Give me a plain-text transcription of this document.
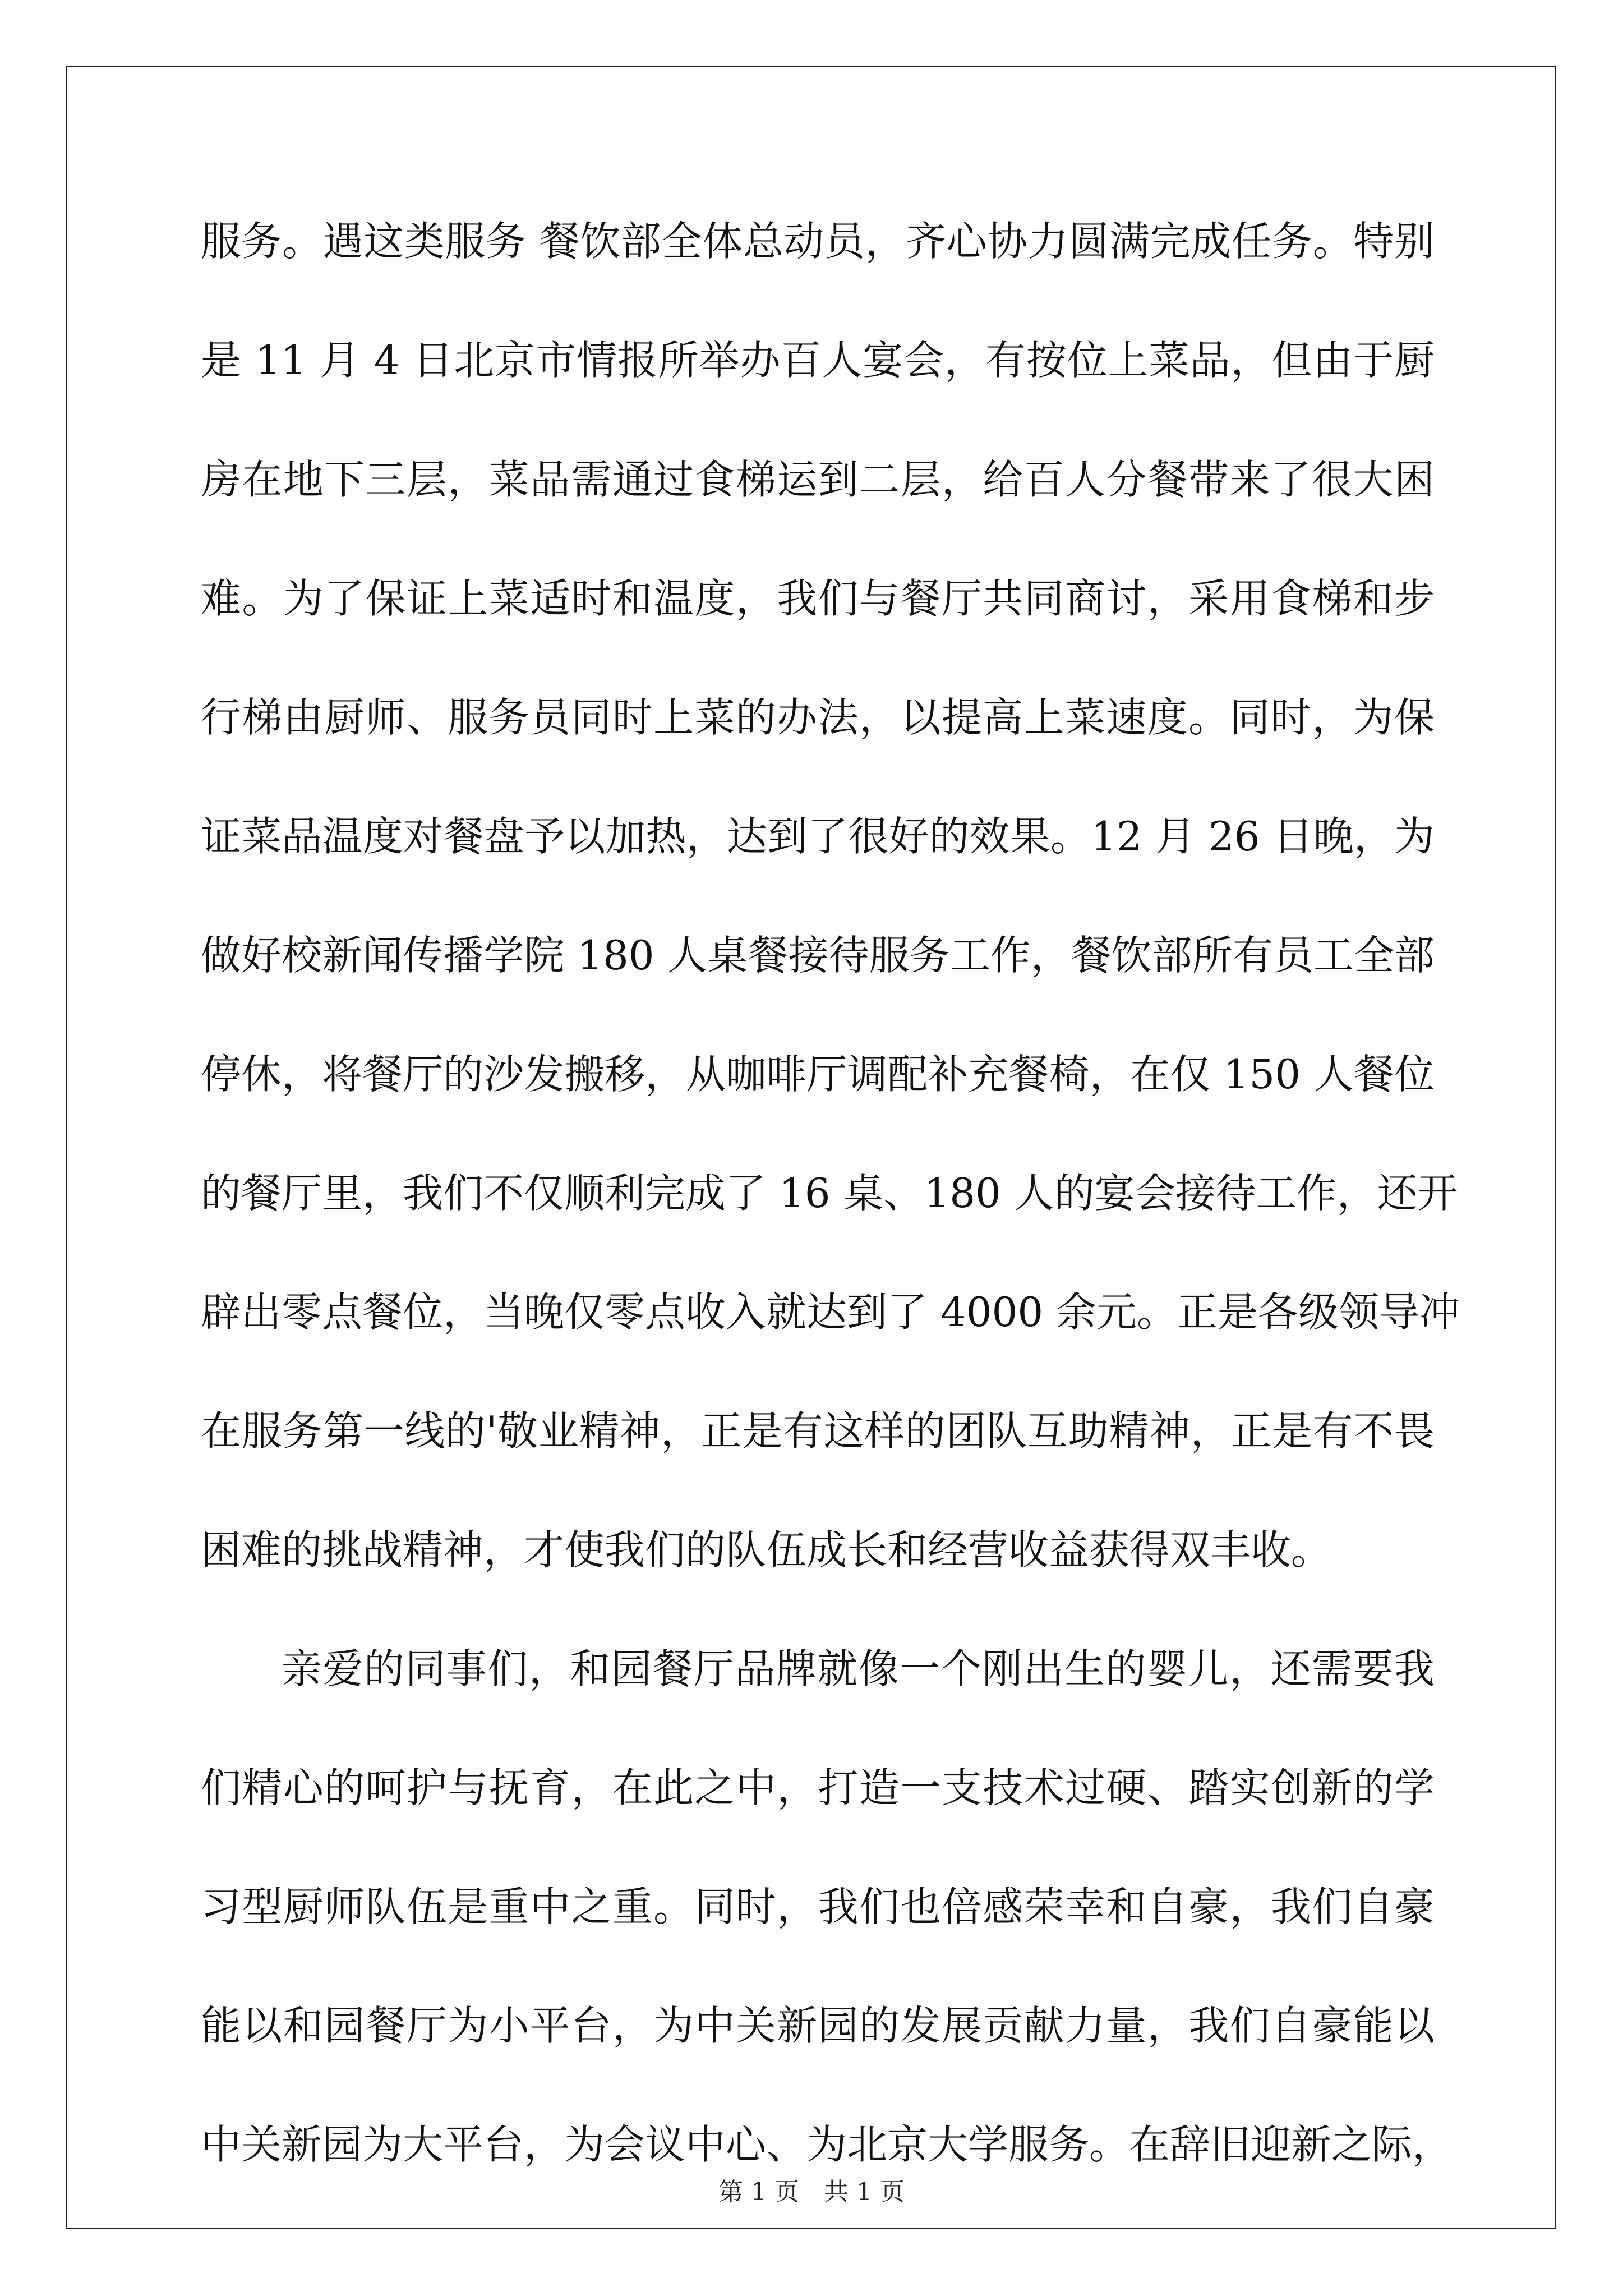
服务。遇这类服务 餐饮部全体总动员，齐心协力圆满完成任务。特别
是 11 月 4 日北京市情报所举办百人宴会，有按位上菜品，但由于厨
房在地下三层，菜品需通过食梯运到二层，给百人分餐带来了很大困
难。为了保证上菜适时和温度，我们与餐厅共同商讨，采用食梯和步
行梯由厨师、服务员同时上菜的办法，以提高上菜速度。同时，为保
证菜品温度对餐盘予以加热，达到了很好的效果。12 月 26 日晚，为
做好校新闻传播学院 180 人桌餐接待服务工作，餐饮部所有员工全部
停休，将餐厅的沙发搬移，从咖啡厅调配补充餐椅，在仅 150 人餐位
的餐厅里，我们不仅顺利完成了 16 桌、180 人的宴会接待工作，还开
辟出零点餐位，当晚仅零点收入就达到了 4000 余元。正是各级领导冲
在服务第一线的'敬业精神，正是有这样的团队互助精神，正是有不畏
困难的挑战精神，才使我们的队伍成长和经营收益获得双丰收。
亲爱的同事们，和园餐厅品牌就像一个刚出生的婴儿，还需要我
们精心的呵护与抚育，在此之中，打造一支技术过硬、踏实创新的学
习型厨师队伍是重中之重。同时，我们也倍感荣幸和自豪，我们自豪
能以和园餐厅为小平台，为中关新园的发展贡献力量，我们自豪能以
中关新园为大平台，为会议中心、为北京大学服务。在辞旧迎新之际，
第 1 页　共 1 页
